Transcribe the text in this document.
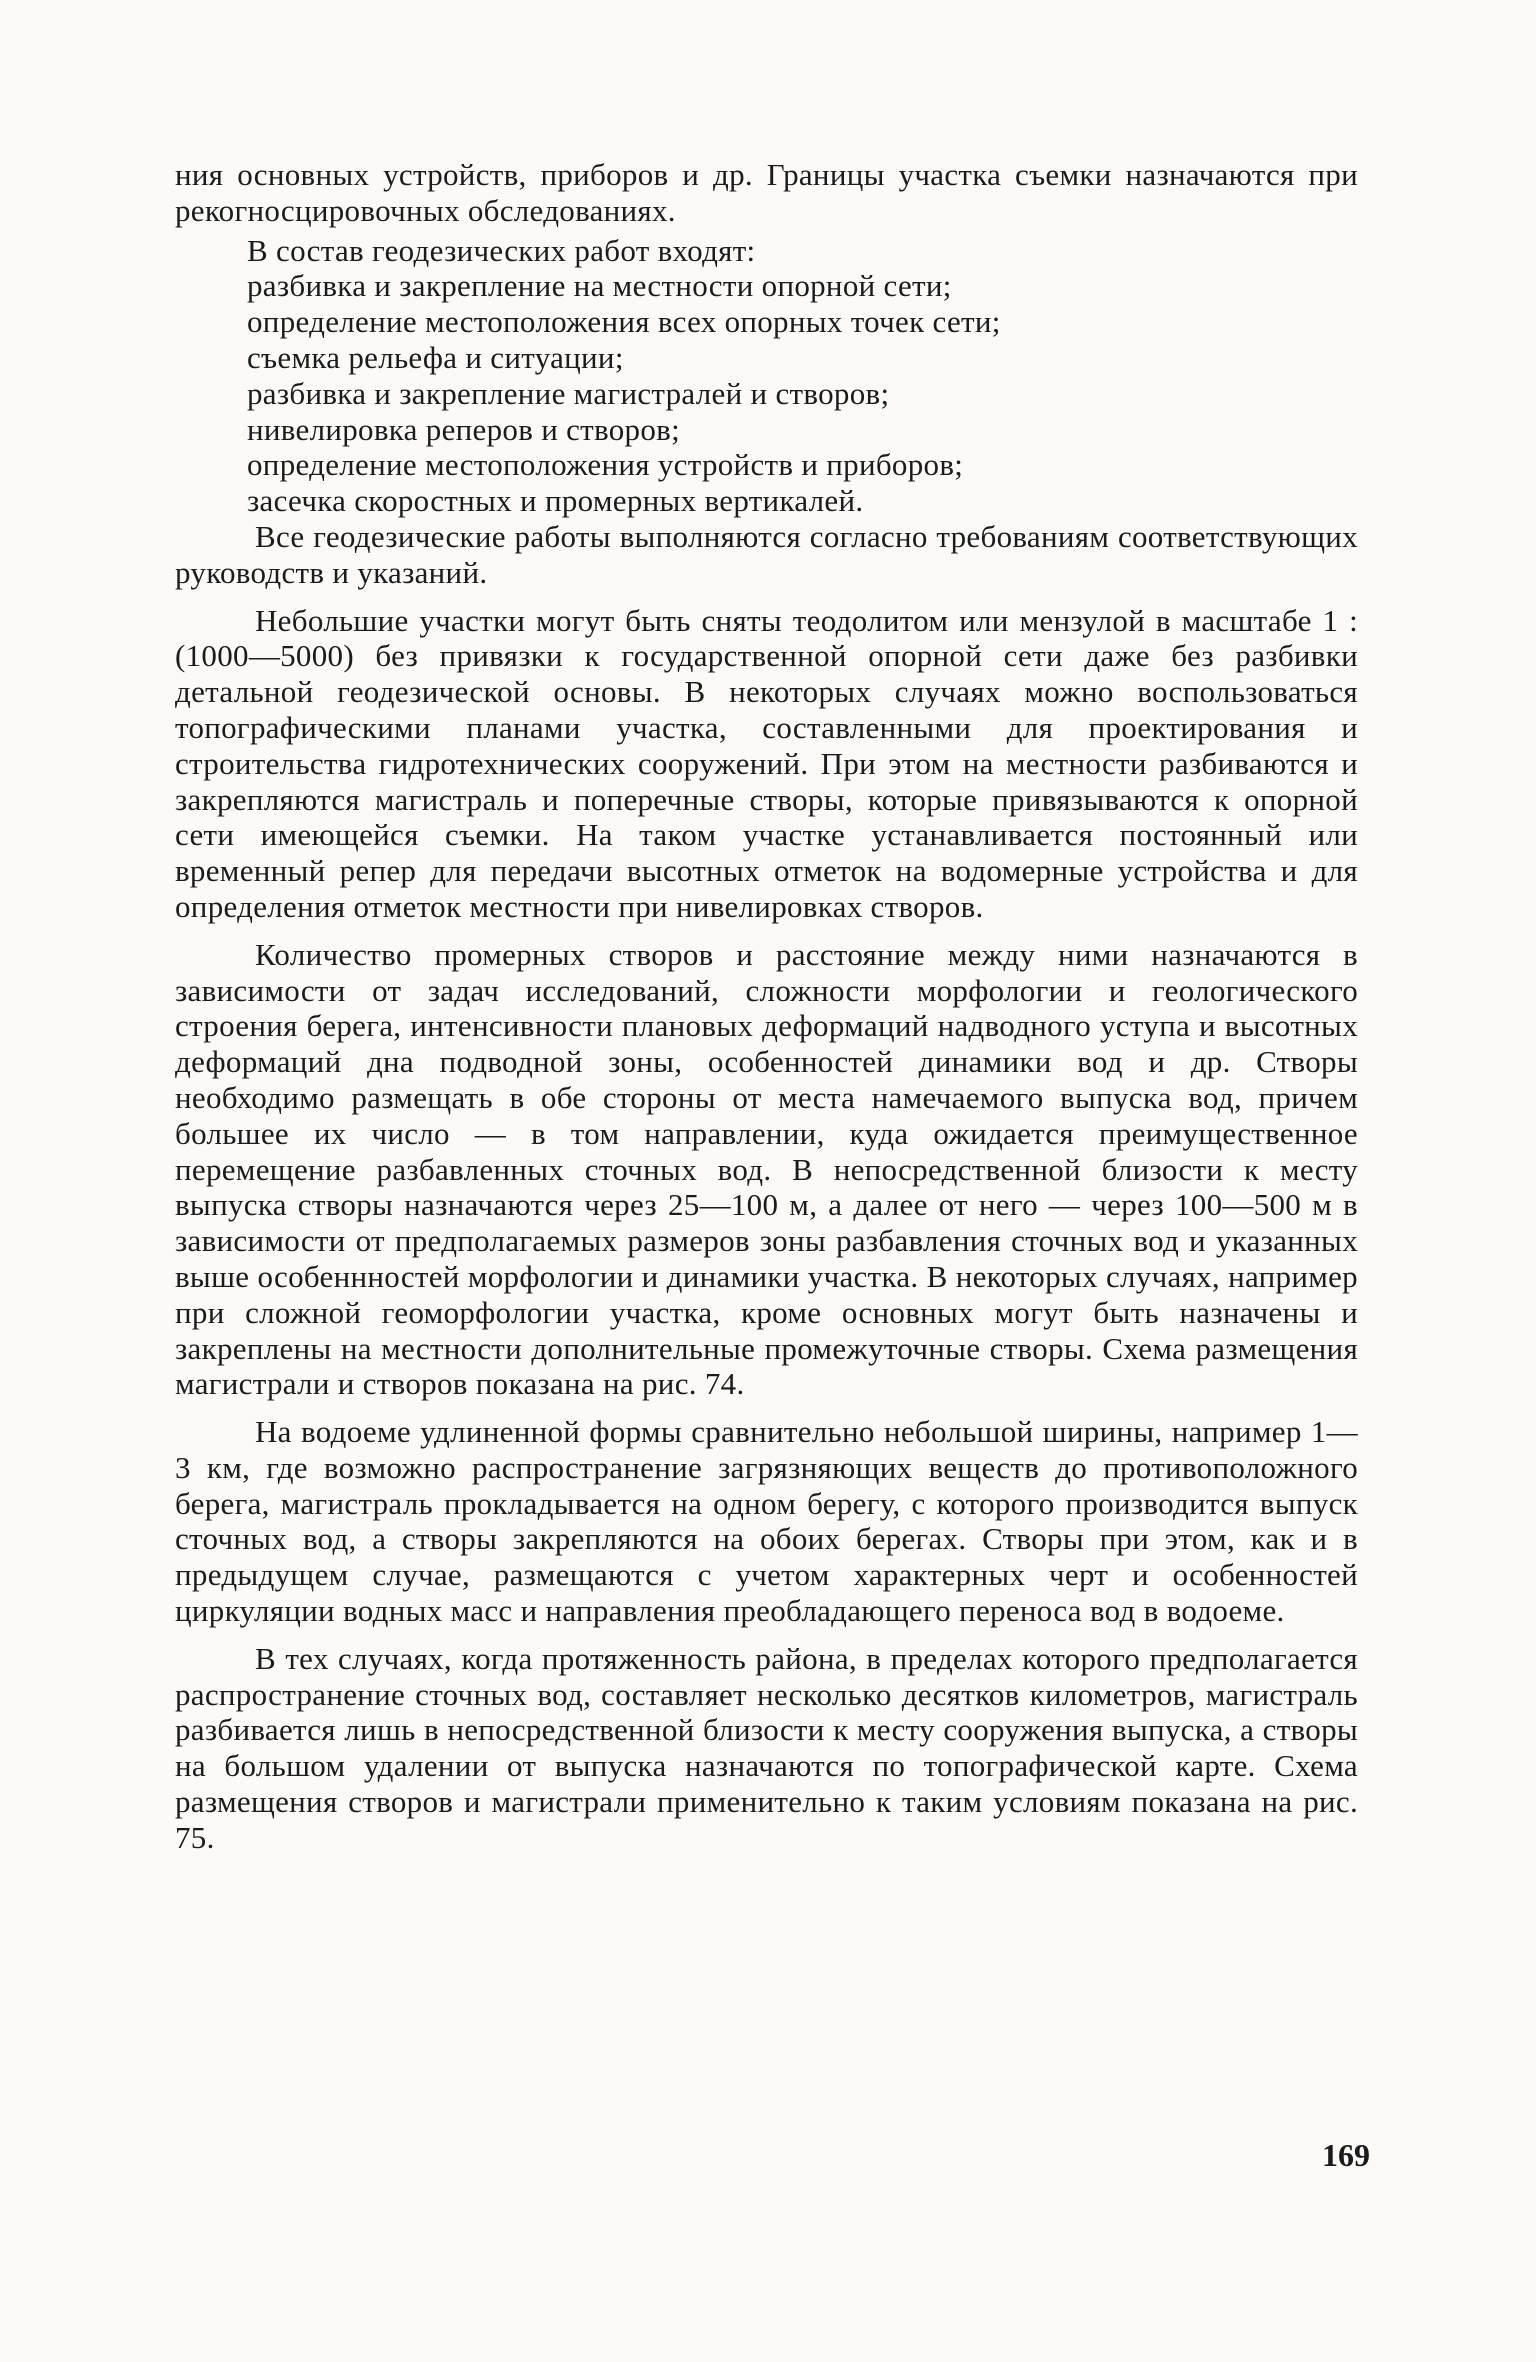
ния основных устройств, приборов и др. Границы участка съемки назначаются при рекогносцировочных обследованиях.

В состав геодезических работ входят:

разбивка и закрепление на местности опорной сети;
определение местоположения всех опорных точек сети;
съемка рельефа и ситуации;
разбивка и закрепление магистралей и створов;
нивелировка реперов и створов;
определение местоположения устройств и приборов;
засечка скоростных и промерных вертикалей.

Все геодезические работы выполняются согласно требованиям соответствующих руководств и указаний.

Небольшие участки могут быть сняты теодолитом или мензулой в масштабе 1 : (1000—5000) без привязки к государственной опорной сети даже без разбивки детальной геодезической основы. В некоторых случаях можно воспользоваться топографическими планами участка, составленными для проектирования и строительства гидротехнических сооружений. При этом на местности разбиваются и закрепляются магистраль и поперечные створы, которые привязываются к опорной сети имеющейся съемки. На таком участке устанавливается постоянный или временный репер для передачи высотных отметок на водомерные устройства и для определения отметок местности при нивелировках створов.

Количество промерных створов и расстояние между ними назначаются в зависимости от задач исследований, сложности морфологии и геологического строения берега, интенсивности плановых деформаций надводного уступа и высотных деформаций дна подводной зоны, особенностей динамики вод и др. Створы необходимо размещать в обе стороны от места намечаемого выпуска вод, причем большее их число — в том направлении, куда ожидается преимущественное перемещение разбавленных сточных вод. В непосредственной близости к месту выпуска створы назначаются через 25—100 м, а далее от него — через 100—500 м в зависимости от предполагаемых размеров зоны разбавления сточных вод и указанных выше особеннностей морфологии и динамики участка. В некоторых случаях, например при сложной геоморфологии участка, кроме основных могут быть назначены и закреплены на местности дополнительные промежуточные створы. Схема размещения магистрали и створов показана на рис. 74.

На водоеме удлиненной формы сравнительно небольшой ширины, например 1—3 км, где возможно распространение загрязняющих веществ до противоположного берега, магистраль прокладывается на одном берегу, с которого производится выпуск сточных вод, а створы закрепляются на обоих берегах. Створы при этом, как и в предыдущем случае, размещаются с учетом характерных черт и особенностей циркуляции водных масс и направления преобладающего переноса вод в водоеме.

В тех случаях, когда протяженность района, в пределах которого предполагается распространение сточных вод, составляет несколько десятков километров, магистраль разбивается лишь в непосредственной близости к месту сооружения выпуска, а створы на большом удалении от выпуска назначаются по топографической карте. Схема размещения створов и магистрали применительно к таким условиям показана на рис. 75.

169
